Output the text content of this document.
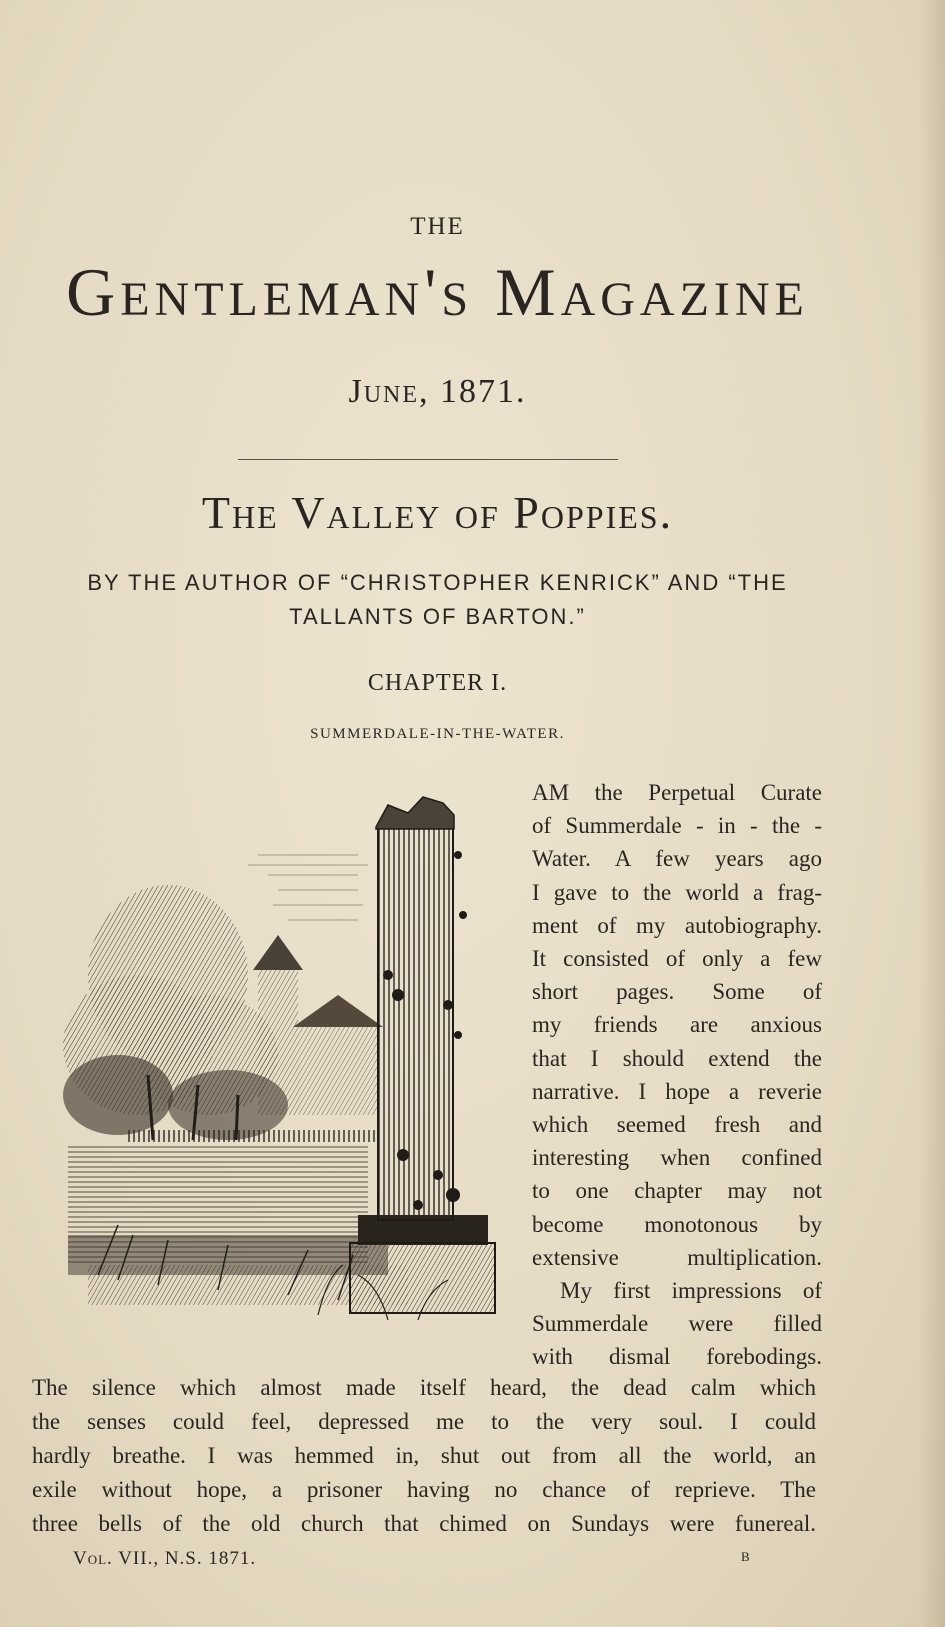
THE
Gentleman's Magazine
June, 1871.
The Valley of Poppies.
BY THE AUTHOR OF “CHRISTOPHER KENRICK” AND “THE
TALLANTS OF BARTON.”
CHAPTER I.
SUMMERDALE-IN-THE-WATER.
AM the Perpetual Curate
of Summerdale - in - the -
Water. A few years ago
I gave to the world a frag-
ment of my autobiography.
It consisted of only a few
short pages. Some of
my friends are anxious
that I should extend the
narrative. I hope a reverie
which seemed fresh and
interesting when confined
to one chapter may not
become monotonous by
extensive multiplication.
My first impressions of
Summerdale were filled
with dismal forebodings.
The silence which almost made itself heard, the dead calm which
the senses could feel, depressed me to the very soul. I could
hardly breathe. I was hemmed in, shut out from all the world, an
exile without hope, a prisoner having no chance of reprieve. The
three bells of the old church that chimed on Sundays were funereal.
Vol. VII., N.S. 1871.	B
